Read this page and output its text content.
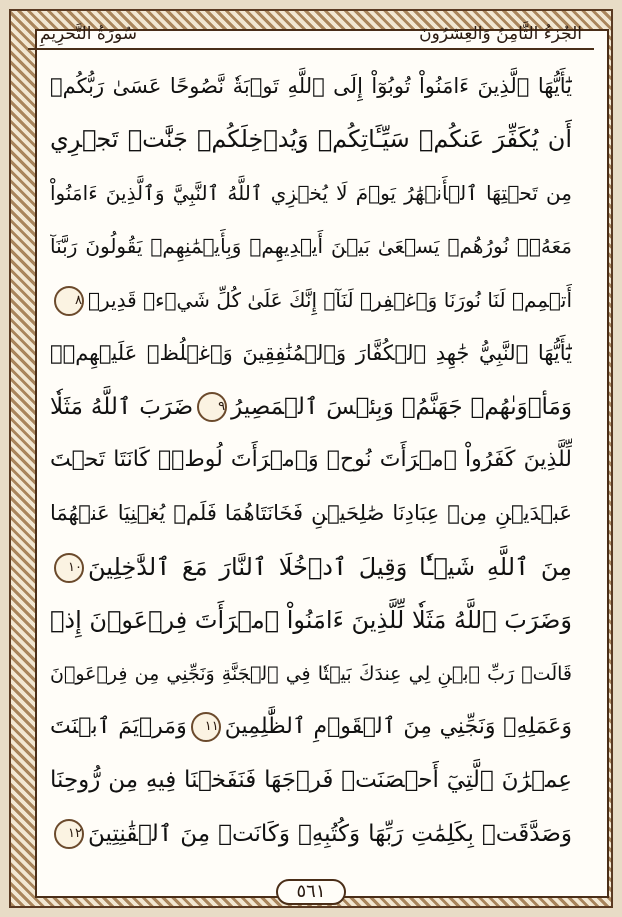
سُورَةُ التَّحرِيمِ	الجُزءُ الثَّامِنُ وَالعِشرُونَ
يَٰٓأَيُّهَا ٱلَّذِينَ ءَامَنُواْ تُوبُوٓاْ إِلَى ٱللَّهِ تَوۡبَةٗ نَّصُوحًا عَسَىٰ رَبُّكُمۡ
أَن يُكَفِّرَ عَنكُمۡ سَيِّـَٔاتِكُمۡ وَيُدۡخِلَكُمۡ جَنَّٰتٖ تَجۡرِي
مِن تَحۡتِهَا ٱلۡأَنۡهَٰرُ يَوۡمَ لَا يُخۡزِي ٱللَّهُ ٱلنَّبِيَّ وَٱلَّذِينَ ءَامَنُواْ
مَعَهُۥۖ نُورُهُمۡ يَسۡعَىٰ بَيۡنَ أَيۡدِيهِمۡ وَبِأَيۡمَٰنِهِمۡ يَقُولُونَ رَبَّنَآ
أَتۡمِمۡ لَنَا نُورَنَا وَٱغۡفِرۡ لَنَآۖ إِنَّكَ عَلَىٰ كُلِّ شَيۡءٖ قَدِيرٞ٨
يَٰٓأَيُّهَا ٱلنَّبِيُّ جَٰهِدِ ٱلۡكُفَّارَ وَٱلۡمُنَٰفِقِينَ وَٱغۡلُظۡ عَلَيۡهِمۡۚ
وَمَأۡوَىٰهُمۡ جَهَنَّمُۖ وَبِئۡسَ ٱلۡمَصِيرُ٩ضَرَبَ ٱللَّهُ مَثَلٗا
لِّلَّذِينَ كَفَرُواْ ٱمۡرَأَتَ نُوحٖ وَٱمۡرَأَتَ لُوطٖۖ كَانَتَا تَحۡتَ
عَبۡدَيۡنِ مِنۡ عِبَادِنَا صَٰلِحَيۡنِ فَخَانَتَاهُمَا فَلَمۡ يُغۡنِيَا عَنۡهُمَا
مِنَ ٱللَّهِ شَيۡـٔٗا وَقِيلَ ٱدۡخُلَا ٱلنَّارَ مَعَ ٱلدَّٰخِلِينَ١٠
وَضَرَبَ ٱللَّهُ مَثَلٗا لِّلَّذِينَ ءَامَنُواْ ٱمۡرَأَتَ فِرۡعَوۡنَ إِذۡ
قَالَتۡ رَبِّ ٱبۡنِ لِي عِندَكَ بَيۡتٗا فِي ٱلۡجَنَّةِ وَنَجِّنِي مِن فِرۡعَوۡنَ
وَعَمَلِهِۦ وَنَجِّنِي مِنَ ٱلۡقَوۡمِ ٱلظَّٰلِمِينَ١١وَمَرۡيَمَ ٱبۡنَتَ
عِمۡرَٰنَ ٱلَّتِيٓ أَحۡصَنَتۡ فَرۡجَهَا فَنَفَخۡنَا فِيهِ مِن رُّوحِنَا
وَصَدَّقَتۡ بِكَلِمَٰتِ رَبِّهَا وَكُتُبِهِۦ وَكَانَتۡ مِنَ ٱلۡقَٰنِتِينَ١٢
٥٦١
